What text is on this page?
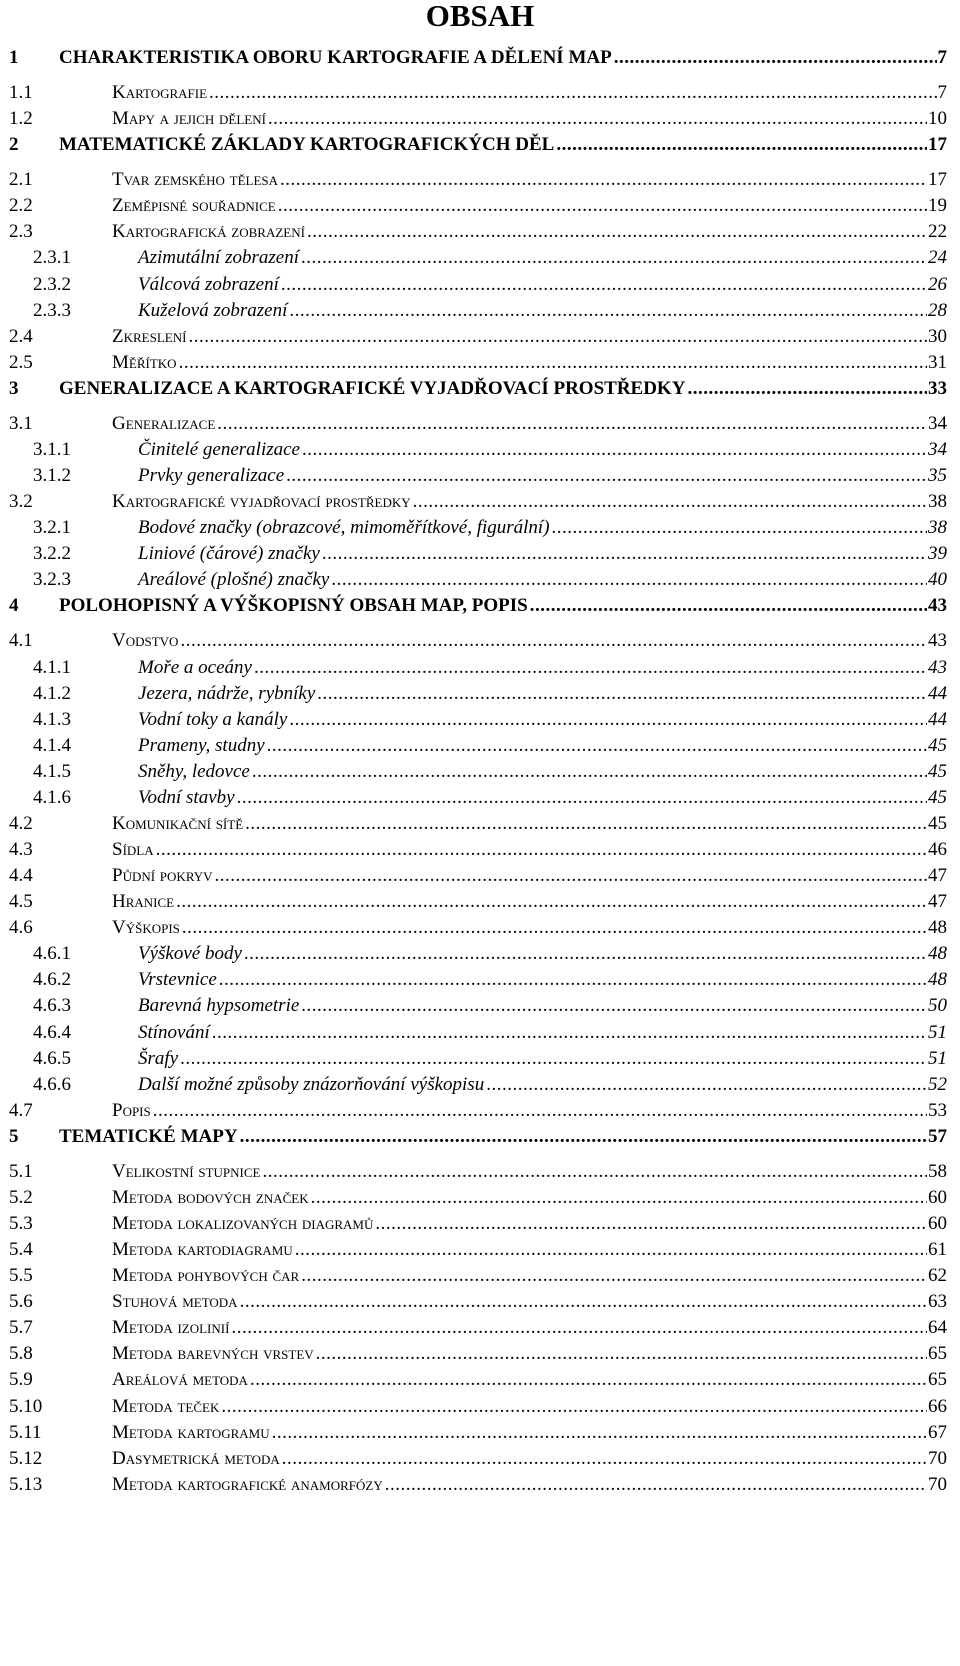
OBSAH
1 CHARAKTERISTIKA OBORU KARTOGRAFIE A DĚLENÍ MAP .....	7
1.1	Kartografie .....	7
1.2	Mapy a jejich dělení .....	10
2 MATEMATICKÉ ZÁKLADY KARTOGRAFICKÝCH DĚL .....	17
2.1	Tvar zemského tělesa .....	17
2.2	Zeměpisné souřadnice .....	19
2.3	Kartografická zobrazení .....	22
2.3.1	Azimutální zobrazení .....	24
2.3.2	Válcová zobrazení .....	26
2.3.3	Kuželová zobrazení .....	28
2.4	Zkreslení .....	30
2.5	Měřítko .....	31
3 GENERALIZACE A KARTOGRAFICKÉ VYJADŘOVACÍ PROSTŘEDKY .....	33
3.1	Generalizace .....	34
3.1.1	Činitelé generalizace .....	34
3.1.2	Prvky generalizace .....	35
3.2	Kartografické vyjadřovací prostředky .....	38
3.2.1	Bodové značky (obrazcové, mimoměřítkové, figurální) .....	38
3.2.2	Liniové (čárové) značky .....	39
3.2.3	Areálové (plošné) značky .....	40
4 POLOHOPISNÝ A VÝŠKOPISNÝ OBSAH MAP, POPIS .....	43
4.1	Vodstvo .....	43
4.1.1	Moře a oceány .....	43
4.1.2	Jezera, nádrže, rybníky .....	44
4.1.3	Vodní toky a kanály .....	44
4.1.4	Prameny, studny .....	45
4.1.5	Sněhy, ledovce .....	45
4.1.6	Vodní stavby .....	45
4.2	Komunikační sítě .....	45
4.3	Sídla .....	46
4.4	Půdní pokryv .....	47
4.5	Hranice .....	47
4.6	Výškopis .....	48
4.6.1	Výškové body .....	48
4.6.2	Vrstevnice .....	48
4.6.3	Barevná hypsometrie .....	50
4.6.4	Stínování .....	51
4.6.5	Šrafy .....	51
4.6.6	Další možné způsoby znázorňování výškopisu .....	52
4.7	Popis .....	53
5 TEMATICKÉ MAPY .....	57
5.1	Velikostní stupnice .....	58
5.2	Metoda bodových značek .....	60
5.3	Metoda lokalizovaných diagramů .....	60
5.4	Metoda kartodiagramu .....	61
5.5	Metoda pohybových čar .....	62
5.6	Stuhová metoda .....	63
5.7	Metoda izolinií .....	64
5.8	Metoda barevných vrstev .....	65
5.9	Areálová metoda .....	65
5.10	Metoda teček .....	66
5.11	Metoda kartogramu .....	67
5.12	Dasymetrická metoda .....	70
5.13	Metoda kartografické anamorfózy .....	70
